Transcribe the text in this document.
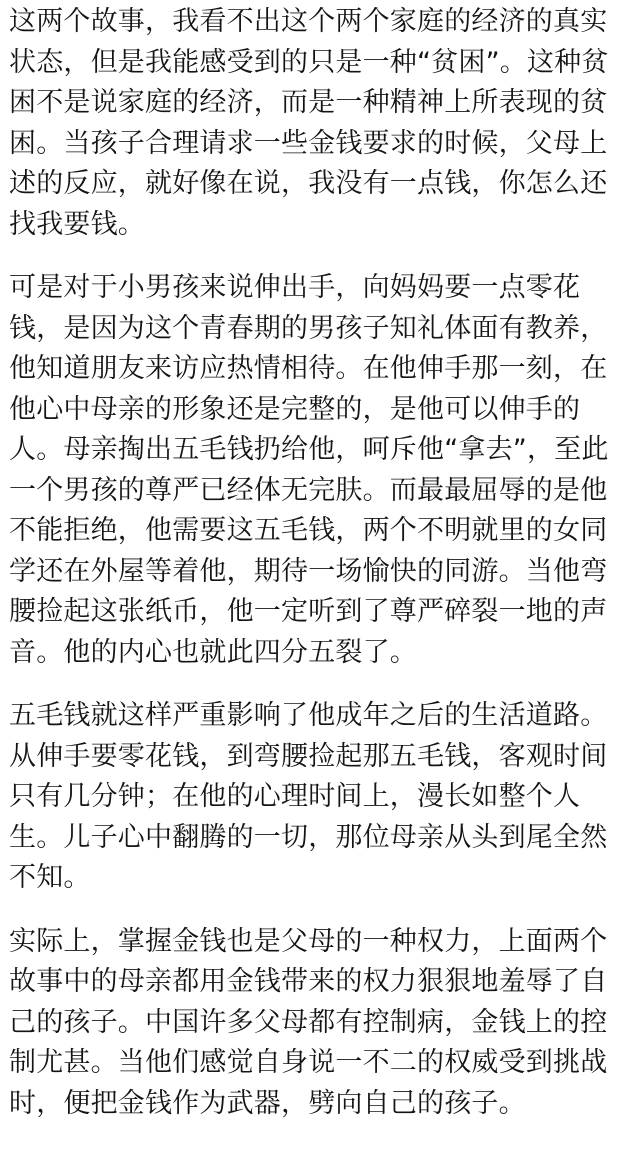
这两个故事，我看不出这个两个家庭的经济的真实
状态，但是我能感受到的只是一种“贫困”。这种贫
困不是说家庭的经济，而是一种精神上所表现的贫
困。当孩子合理请求一些金钱要求的时候，父母上
述的反应，就好像在说，我没有一点钱，你怎么还
找我要钱。
可是对于小男孩来说伸出手，向妈妈要一点零花
钱，是因为这个青春期的男孩子知礼体面有教养，
他知道朋友来访应热情相待。在他伸手那一刻，在
他心中母亲的形象还是完整的，是他可以伸手的
人。母亲掏出五毛钱扔给他，呵斥他“拿去”，至此
一个男孩的尊严已经体无完肤。而最最屈辱的是他
不能拒绝，他需要这五毛钱，两个不明就里的女同
学还在外屋等着他，期待一场愉快的同游。当他弯
腰捡起这张纸币，他一定听到了尊严碎裂一地的声
音。他的内心也就此四分五裂了。
五毛钱就这样严重影响了他成年之后的生活道路。
从伸手要零花钱，到弯腰捡起那五毛钱，客观时间
只有几分钟；在他的心理时间上，漫长如整个人
生。儿子心中翻腾的一切，那位母亲从头到尾全然
不知。
实际上，掌握金钱也是父母的一种权力，上面两个
故事中的母亲都用金钱带来的权力狠狠地羞辱了自
己的孩子。中国许多父母都有控制病，金钱上的控
制尤甚。当他们感觉自身说一不二的权威受到挑战
时，便把金钱作为武器，劈向自己的孩子。
